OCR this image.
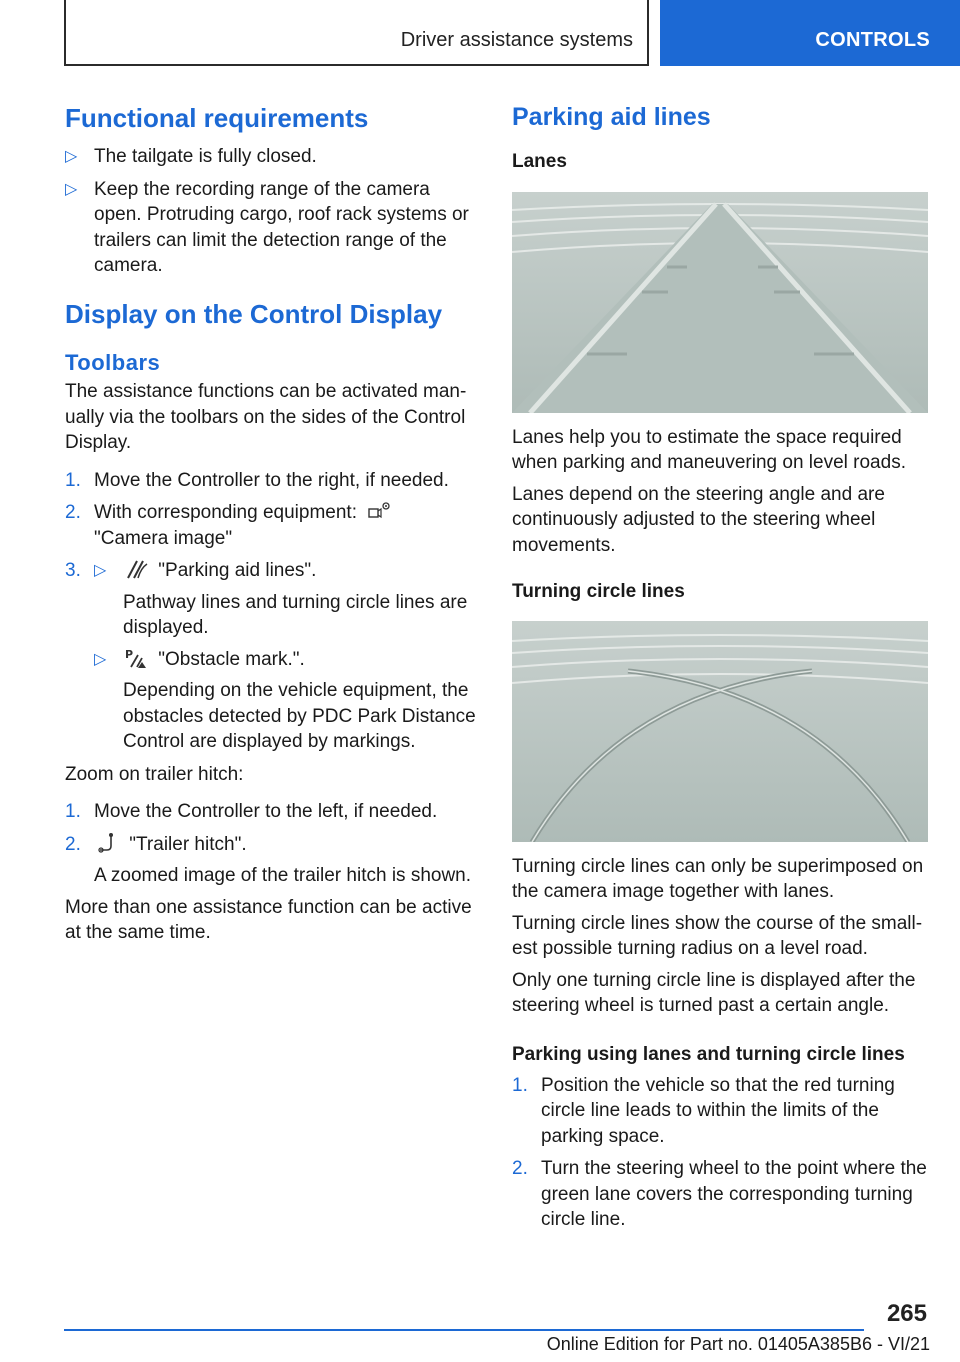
Driver assistance systems	CONTROLS
Functional requirements
▷ The tailgate is fully closed.
▷ Keep the recording range of the camera open. Protruding cargo, roof rack systems or trailers can limit the detection range of the camera.
Display on the Control Display
Toolbars

The assistance functions can be activated man‐ually via the toolbars on the sides of the Control Display.

1. Move the Controller to the right, if needed.
2. With corresponding equipment:
"Camera image"
3. ▷	"Parking aid lines".

Pathway lines and turning circle lines are displayed.
▷ P "Obstacle mark.".

Depending on the vehicle equipment, the obstacles detected by PDC Park Distance Control are displayed by markings.

Zoom on trailer hitch:

1. Move the Controller to the left, if needed.
2.	"Trailer hitch".

A zoomed image of the trailer hitch is shown.

More than one assistance function can be active at the same time.

Parking aid lines
Lanes

Lanes help you to estimate the space required when parking and maneuvering on level roads.

Lanes depend on the steering angle and are continuously adjusted to the steering wheel movements.

Turning circle lines

Turning circle lines can only be superimposed on the camera image together with lanes.

Turning circle lines show the course of the small‐est possible turning radius on a level road.

Only one turning circle line is displayed after the steering wheel is turned past a certain angle.

Parking using lanes and turning circle lines
1. Position the vehicle so that the red turning circle line leads to within the limits of the parking space.
2. Turn the steering wheel to the point where the green lane covers the corresponding turning circle line.
265
Online Edition for Part no. 01405A385B6 - VI/21
